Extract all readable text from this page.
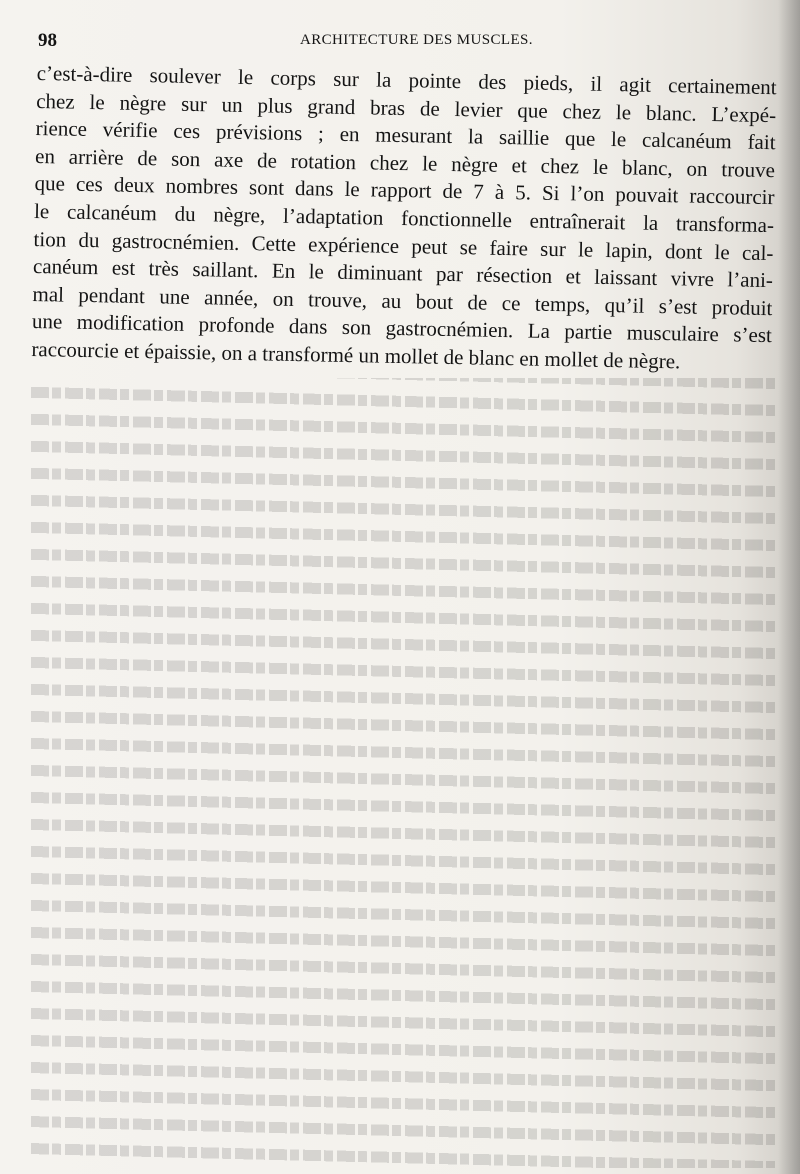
98	ARCHITECTURE DES MUSCLES.
c’est-à-dire soulever le corps sur la pointe des pieds, il agit certainement
chez le nègre sur un plus grand bras de levier que chez le blanc. L’expé-
rience vérifie ces prévisions ; en mesurant la saillie que le calcanéum fait
en arrière de son axe de rotation chez le nègre et chez le blanc, on trouve
que ces deux nombres sont dans le rapport de 7 à 5. Si l’on pouvait raccourcir
le calcanéum du nègre, l’adaptation fonctionnelle entraînerait la transforma-
tion du gastrocnémien. Cette expérience peut se faire sur le lapin, dont le cal-
canéum est très saillant. En le diminuant par résection et laissant vivre l’ani-
mal pendant une année, on trouve, au bout de ce temps, qu’il s’est produit
une modification profonde dans son gastrocnémien. La partie musculaire s’est
raccourcie et épaissie, on a transformé un mollet de blanc en mollet de nègre.
